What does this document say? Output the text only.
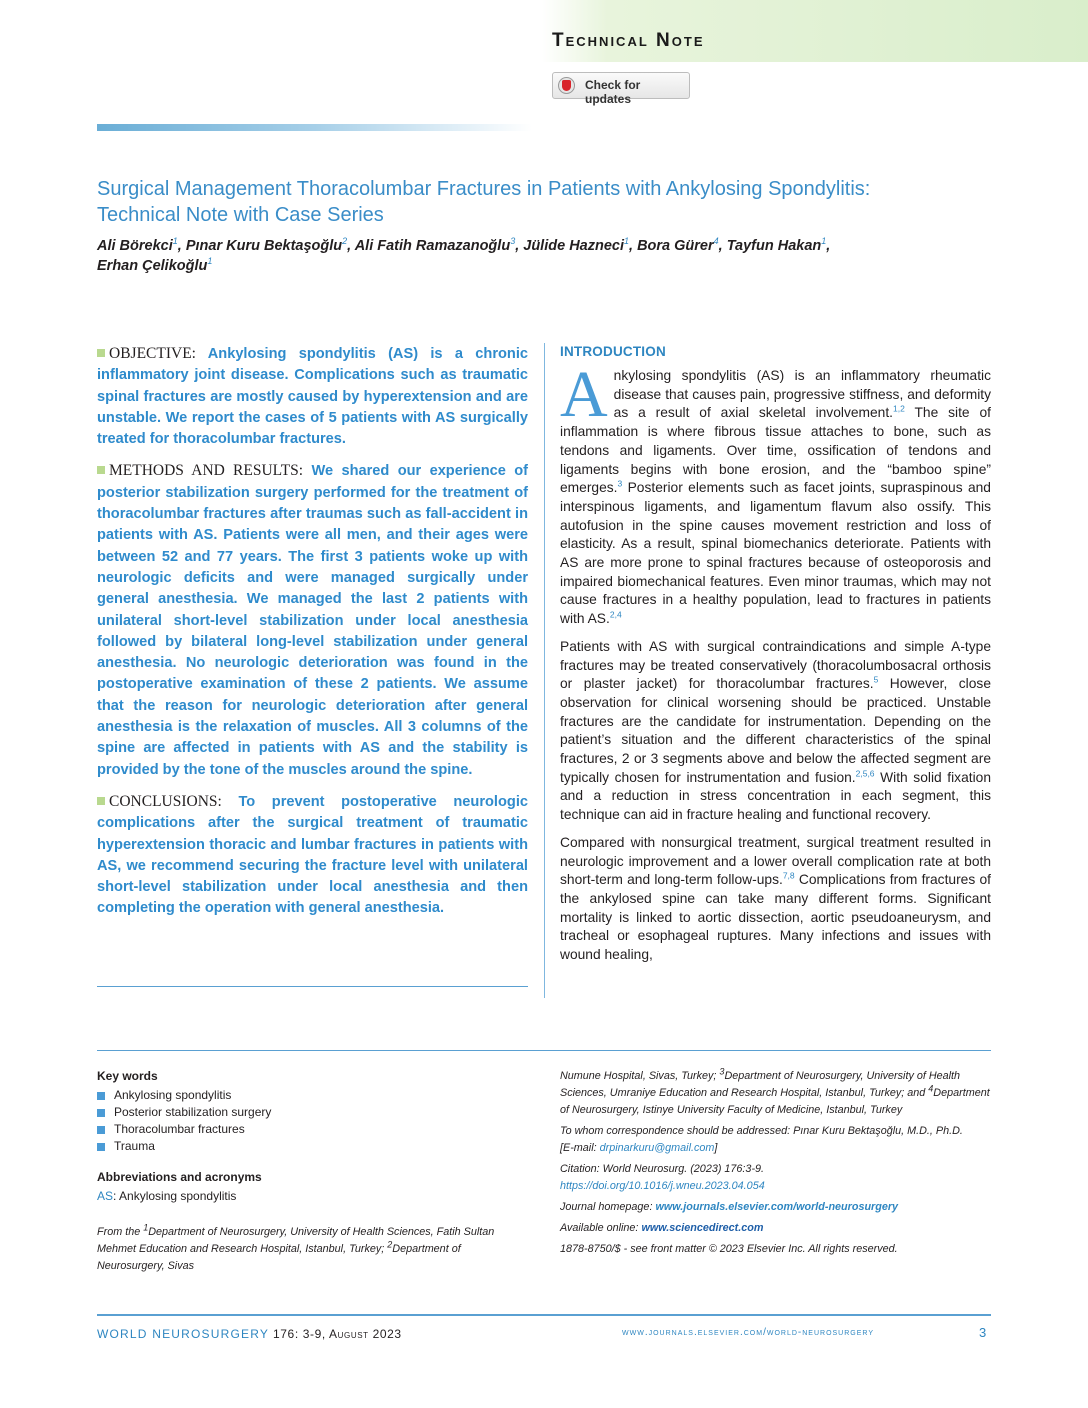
Technical Note
Check for updates
Surgical Management Thoracolumbar Fractures in Patients with Ankylosing Spondylitis: Technical Note with Case Series
Ali Börekci$^1$, Pınar Kuru Bektaşoğlu$^2$, Ali Fatih Ramazanoğlu$^3$, Jülide Hazneci$^1$, Bora Gürer$^4$, Tayfun Hakan$^1$,
Erhan Çelikoğlu$^1$

OBJECTIVE: Ankylosing spondylitis (AS) is a chronic inflammatory joint disease. Complications such as traumatic spinal fractures are mostly caused by hyperextension and are unstable. We report the cases of 5 patients with AS surgically treated for thoracolumbar fractures.

METHODS AND RESULTS: We shared our experience of posterior stabilization surgery performed for the treatment of thoracolumbar fractures after traumas such as fall-accident in patients with AS. Patients were all men, and their ages were between 52 and 77 years. The first 3 patients woke up with neurologic deficits and were managed surgically under general anesthesia. We managed the last 2 patients with unilateral short-level stabilization under local anesthesia followed by bilateral long-level stabilization under general anesthesia. No neurologic deterioration was found in the postoperative examination of these 2 patients. We assume that the reason for neurologic deterioration after general anesthesia is the relaxation of muscles. All 3 columns of the spine are affected in patients with AS and the stability is provided by the tone of the muscles around the spine.

CONCLUSIONS: To prevent postoperative neurologic complications after the surgical treatment of traumatic hyperextension thoracic and lumbar fractures in patients with AS, we recommend securing the fracture level with unilateral short-level stabilization under local anesthesia and then completing the operation with general anesthesia.

INTRODUCTION

Ankylosing spondylitis (AS) is an inflammatory rheumatic disease that causes pain, progressive stiffness, and deformity as a result of axial skeletal involvement.$^{1,2}$ The site of inflammation is where fibrous tissue attaches to bone, such as tendons and ligaments. Over time, ossification of tendons and ligaments begins with bone erosion, and the “bamboo spine” emerges.$^3$ Posterior elements such as facet joints, supraspinous and interspinous ligaments, and ligamentum flavum also ossify. This autofusion in the spine causes movement restriction and loss of elasticity. As a result, spinal biomechanics deteriorate. Patients with AS are more prone to spinal fractures because of osteoporosis and impaired biomechanical features. Even minor traumas, which may not cause fractures in a healthy population, lead to fractures in patients with AS.$^{2,4}$

Patients with AS with surgical contraindications and simple A-type fractures may be treated conservatively (thoracolumbosacral orthosis or plaster jacket) for thoracolumbar fractures.$^5$ However, close observation for clinical worsening should be practiced. Unstable fractures are the candidate for instrumentation. Depending on the patient’s situation and the different characteristics of the spinal fractures, 2 or 3 segments above and below the affected segment are typically chosen for instrumentation and fusion.$^{2,5,6}$ With solid fixation and a reduction in stress concentration in each segment, this technique can aid in fracture healing and functional recovery.

Compared with nonsurgical treatment, surgical treatment resulted in neurologic improvement and a lower overall complication rate at both short-term and long-term follow-ups.$^{7,8}$ Complications from fractures of the ankylosed spine can take many different forms. Significant mortality is linked to aortic dissection, aortic pseudoaneurysm, and tracheal or esophageal ruptures. Many infections and issues with wound healing,

Key words
Ankylosing spondylitis
Posterior stabilization surgery
Thoracolumbar fractures
Trauma
Abbreviations and acronyms
AS: Ankylosing spondylitis

From the $^1$Department of Neurosurgery, University of Health Sciences, Fatih Sultan Mehmet Education and Research Hospital, Istanbul, Turkey; $^2$Department of Neurosurgery, Sivas

Numune Hospital, Sivas, Turkey; $^3$Department of Neurosurgery, University of Health Sciences, Umraniye Education and Research Hospital, Istanbul, Turkey; and $^4$Department of Neurosurgery, Istinye University Faculty of Medicine, Istanbul, Turkey

To whom correspondence should be addressed: Pınar Kuru Bektaşoğlu, M.D., Ph.D.
[E-mail: drpinarkuru@gmail.com]

Citation: World Neurosurg. (2023) 176:3-9.
https://doi.org/10.1016/j.wneu.2023.04.054

Journal homepage: www.journals.elsevier.com/world-neurosurgery

Available online: www.sciencedirect.com

1878-8750/$ - see front matter © 2023 Elsevier Inc. All rights reserved.

WORLD NEUROSURGERY 176: 3-9, August 2023	www.journals.elsevier.com/world-neurosurgery	3
